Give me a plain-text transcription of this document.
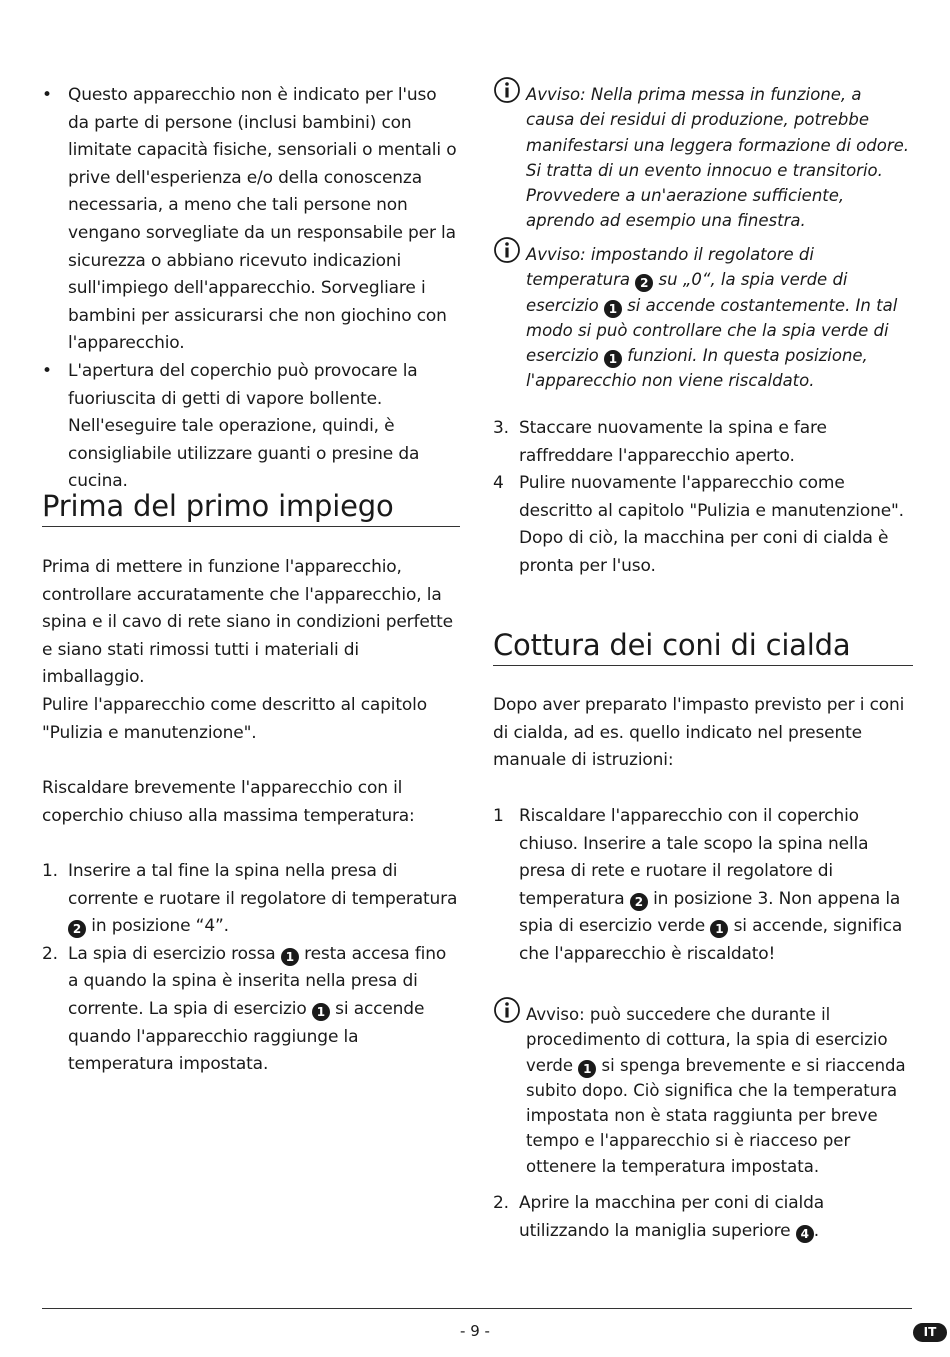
• Questo apparecchio non è indicato per l'uso da parte di persone (inclusi bambini) con limitate capacità fisiche, sensoriali o mentali o prive dell'esperienza e/o della conoscenza necessaria, a meno che tali persone non vengano sorvegliate da un responsabile per la sicurezza o abbiano ricevuto indicazioni sull'impiego dell'apparecchio. Sorvegliare i bambini per assicurarsi che non giochino con l'apparecchio.
• L'apertura del coperchio può provocare la fuoriuscita di getti di vapore bollente. Nell'eseguire tale operazione, quindi, è consigliabile utilizzare guanti o presine da cucina.
Prima del primo impiego

Prima di mettere in funzione l'apparecchio, controllare accuratamente che l'apparecchio, la spina e il cavo di rete siano in condizioni perfette e siano stati rimossi tutti i materiali di imballaggio.

Pulire l'apparecchio come descritto al capitolo "Pulizia e manutenzione".

Riscaldare brevemente l'apparecchio con il coperchio chiuso alla massima temperatura:

1. Inserire a tal fine la spina nella presa di corrente e ruotare il regolatore di temperatura 2 in posizione “4”.
2. La spia di esercizio rossa 1 resta accesa fino a quando la spina è inserita nella presa di corrente. La spia di esercizio 1 si accende quando l'apparecchio raggiunge la temperatura impostata.
Avviso: Nella prima messa in funzione, a causa dei residui di produzione, potrebbe manifestarsi una leggera formazione di odore. Si tratta di un evento innocuo e transitorio. Provvedere a un'aerazione sufficiente, aprendo ad esempio una finestra.
Avviso: impostando il regolatore di temperatura 2 su „0“, la spia verde di esercizio 1 si accende costantemente. In tal modo si può controllare che la spia verde di esercizio 1 funzioni. In questa posizione, l'apparecchio non viene riscaldato.
3. Staccare nuovamente la spina e fare raffreddare l'apparecchio aperto.
4 Pulire nuovamente l'apparecchio come descritto al capitolo "Pulizia e manutenzione". Dopo di ciò, la macchina per coni di cialda è pronta per l'uso.
Cottura dei coni di cialda

Dopo aver preparato l'impasto previsto per i coni di cialda, ad es. quello indicato nel presente manuale di istruzioni:

1 Riscaldare l'apparecchio con il coperchio chiuso. Inserire a tale scopo la spina nella presa di rete e ruotare il regolatore di temperatura 2 in posizione 3. Non appena la spia di esercizio verde 1 si accende, significa che l'apparecchio è riscaldato!
Avviso: può succedere che durante il procedimento di cottura, la spia di esercizio verde 1 si spenga brevemente e si riaccenda subito dopo. Ciò significa che la temperatura impostata non è stata raggiunta per breve tempo e l'apparecchio si è riacceso per ottenere la temperatura impostata.
2. Aprire la macchina per coni di cialda utilizzando la maniglia superiore 4 .
- 9 -	IT
